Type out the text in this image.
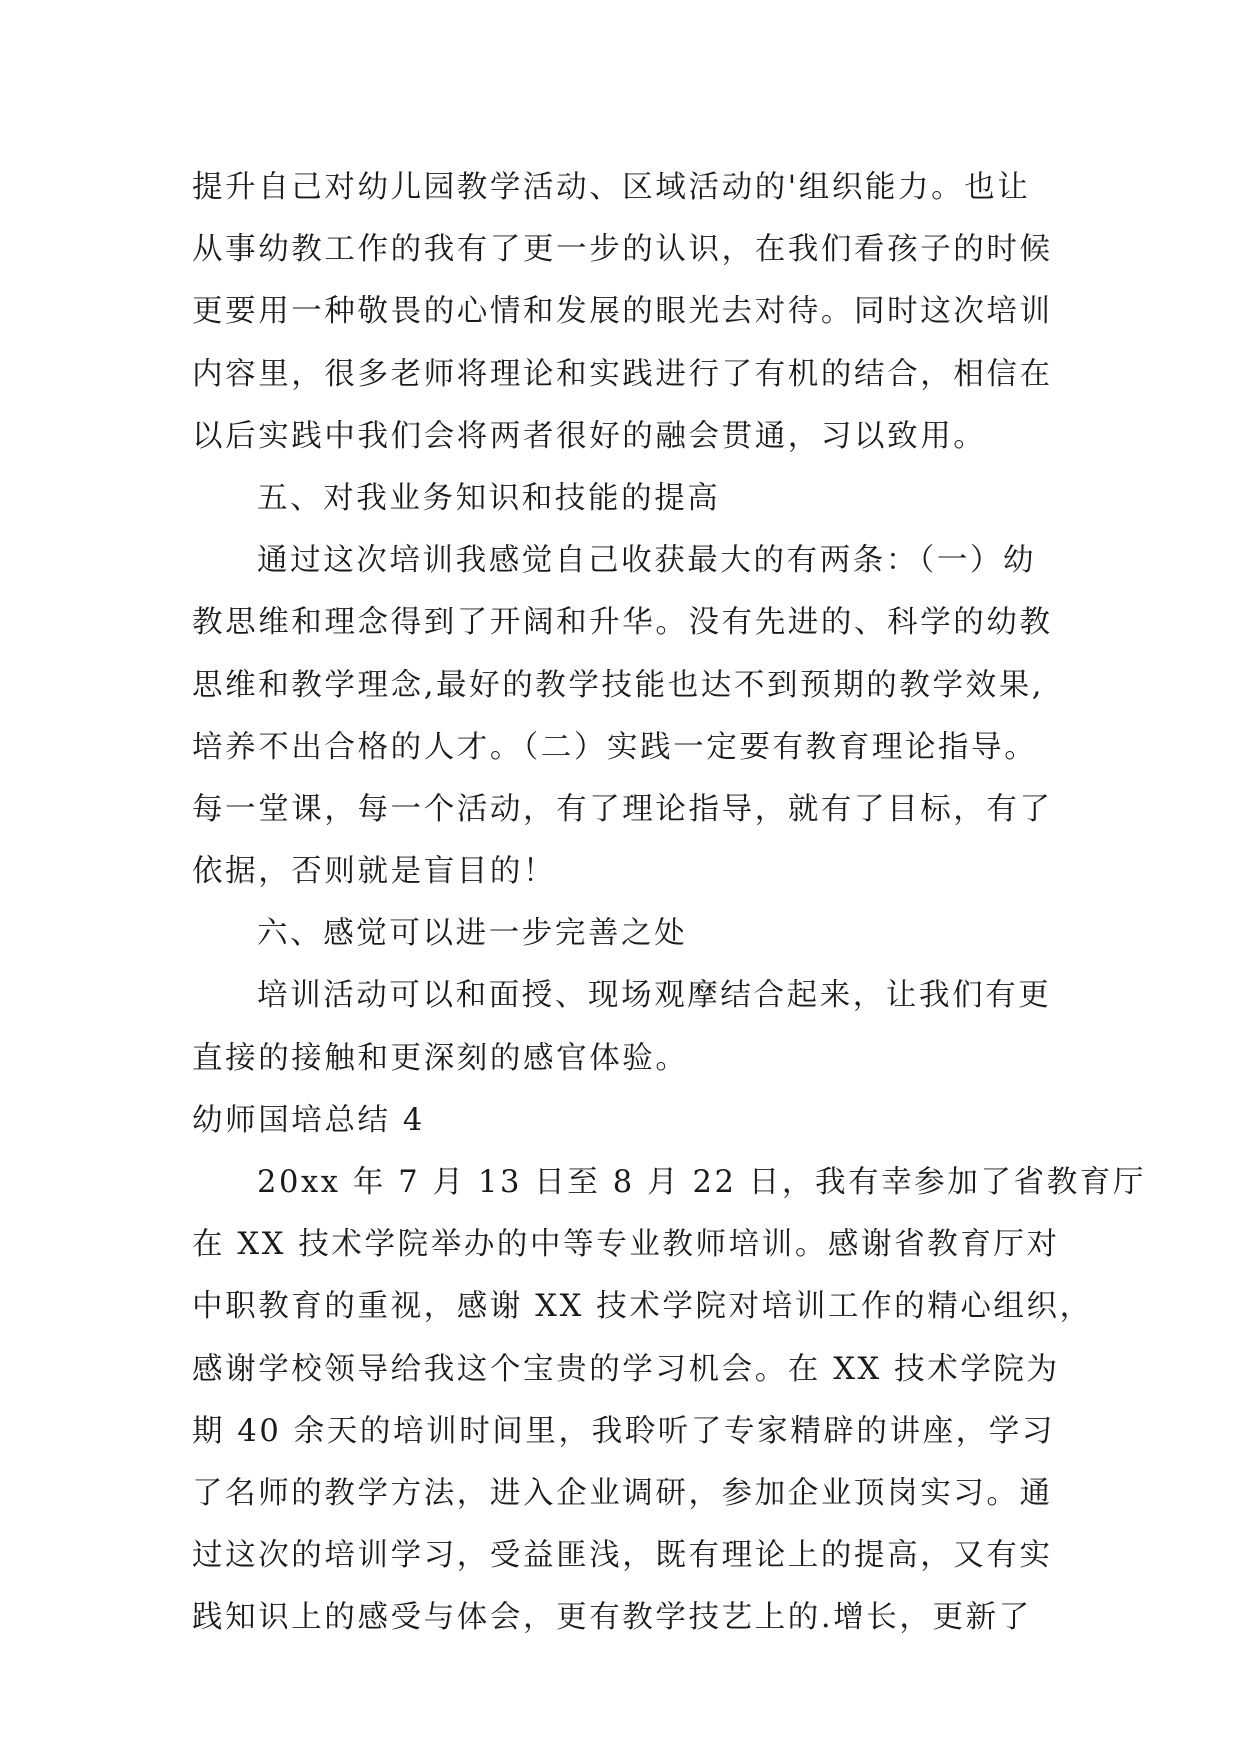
提升自己对幼儿园教学活动、区域活动的'组织能力。也让
从事幼教工作的我有了更一步的认识，在我们看孩子的时候
更要用一种敬畏的心情和发展的眼光去对待。同时这次培训
内容里，很多老师将理论和实践进行了有机的结合，相信在
以后实践中我们会将两者很好的融会贯通，习以致用。
五、对我业务知识和技能的提高
通过这次培训我感觉自己收获最大的有两条：（一）幼
教思维和理念得到了开阔和升华。没有先进的、科学的幼教
思维和教学理念,最好的教学技能也达不到预期的教学效果,
培养不出合格的人才。（二）实践一定要有教育理论指导。
每一堂课，每一个活动，有了理论指导，就有了目标，有了
依据，否则就是盲目的！
六、感觉可以进一步完善之处
培训活动可以和面授、现场观摩结合起来，让我们有更
直接的接触和更深刻的感官体验。
幼师国培总结 4
20xx 年 7 月 13 日至 8 月 22 日，我有幸参加了省教育厅
在 XX 技术学院举办的中等专业教师培训。感谢省教育厅对
中职教育的重视，感谢 XX 技术学院对培训工作的精心组织，
感谢学校领导给我这个宝贵的学习机会。在 XX 技术学院为
期 40 余天的培训时间里，我聆听了专家精辟的讲座，学习
了名师的教学方法，进入企业调研，参加企业顶岗实习。通
过这次的培训学习，受益匪浅，既有理论上的提高，又有实
践知识上的感受与体会，更有教学技艺上的.增长，更新了
